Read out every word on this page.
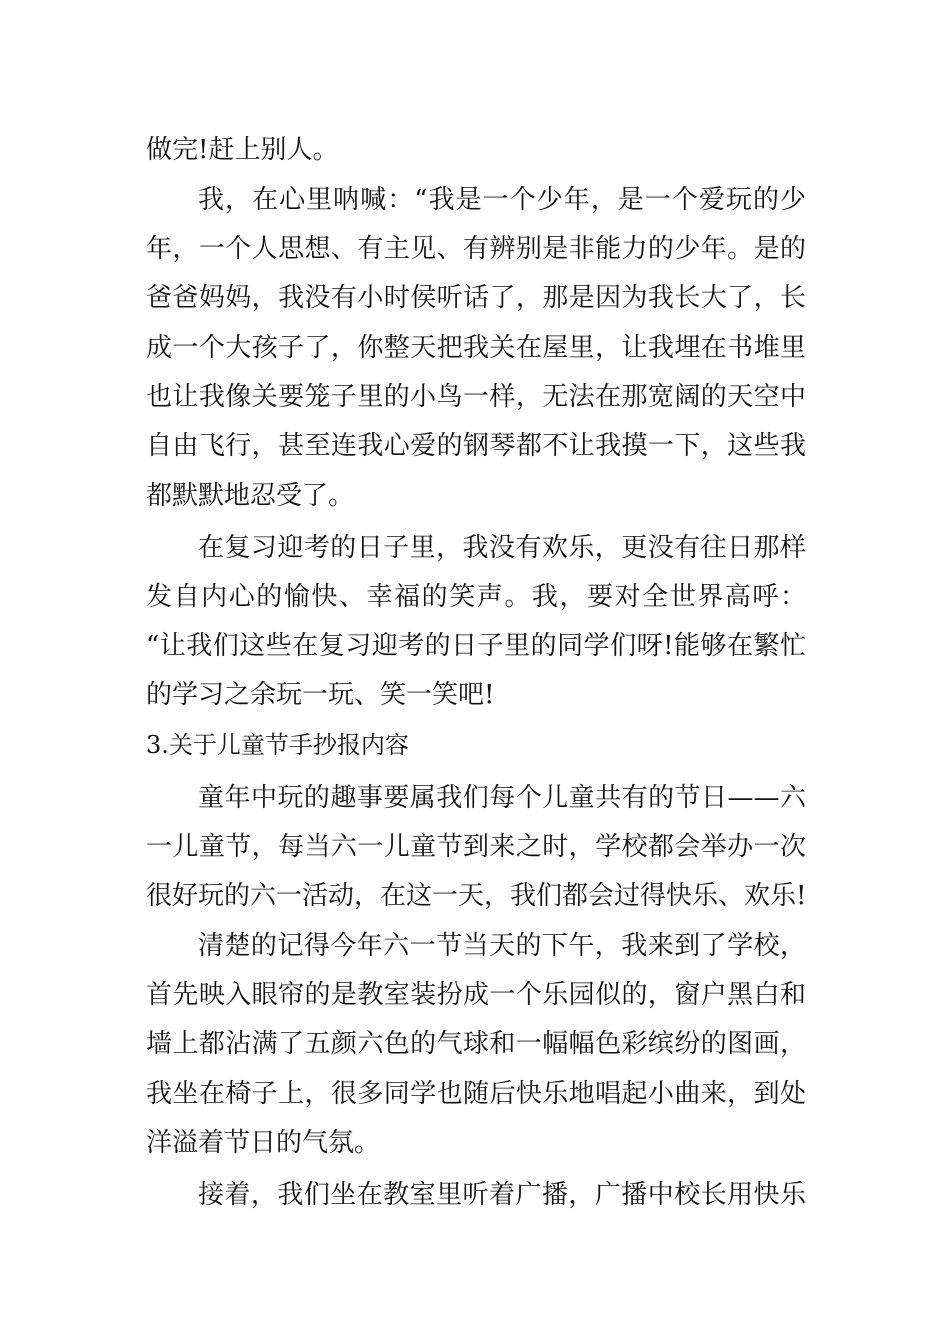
做完!赶上别人。
我，在心里呐喊：“我是一个少年，是一个爱玩的少
年，一个人思想、有主见、有辨别是非能力的少年。是的
爸爸妈妈，我没有小时侯听话了，那是因为我长大了，长
成一个大孩子了，你整天把我关在屋里，让我埋在书堆里
也让我像关要笼子里的小鸟一样，无法在那宽阔的天空中
自由飞行，甚至连我心爱的钢琴都不让我摸一下，这些我
都默默地忍受了。
在复习迎考的日子里，我没有欢乐，更没有往日那样
发自内心的愉快、幸福的笑声。我，要对全世界高呼：
“让我们这些在复习迎考的日子里的同学们呀!能够在繁忙
的学习之余玩一玩、笑一笑吧!
3.关于儿童节手抄报内容
童年中玩的趣事要属我们每个儿童共有的节日——六
一儿童节，每当六一儿童节到来之时，学校都会举办一次
很好玩的六一活动，在这一天，我们都会过得快乐、欢乐!
清楚的记得今年六一节当天的下午，我来到了学校，
首先映入眼帘的是教室装扮成一个乐园似的，窗户黑白和
墙上都沾满了五颜六色的气球和一幅幅色彩缤纷的图画，
我坐在椅子上，很多同学也随后快乐地唱起小曲来，到处
洋溢着节日的气氛。
接着，我们坐在教室里听着广播，广播中校长用快乐
